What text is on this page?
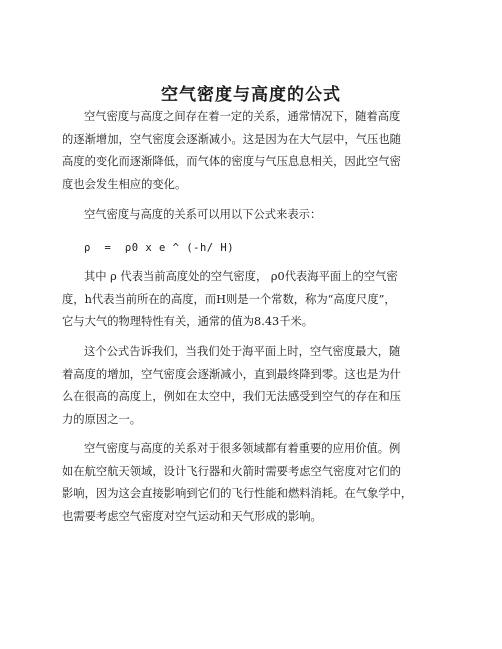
空气密度与高度的公式

空气密度与高度之间存在着一定的关系，通常情况下，随着高度
的逐渐增加，空气密度会逐渐减小。这是因为在大气层中，气压也随
高度的变化而逐渐降低，而气体的密度与气压息息相关，因此空气密
度也会发生相应的变化。

空气密度与高度的关系可以用以下公式来表示：

ρ  =  ρ0 x e ^ (-h/ H)

其中 ρ 代表当前高度处的空气密度， ρ0代表海平面上的空气密
度，h代表当前所在的高度，而H则是一个常数，称为“高度尺度”，
它与大气的物理特性有关，通常的值为8.43千米。

这个公式告诉我们，当我们处于海平面上时，空气密度最大，随
着高度的增加，空气密度会逐渐减小，直到最终降到零。这也是为什
么在很高的高度上，例如在太空中，我们无法感受到空气的存在和压
力的原因之一。

空气密度与高度的关系对于很多领域都有着重要的应用价值。例
如在航空航天领域，设计飞行器和火箭时需要考虑空气密度对它们的
影响，因为这会直接影响到它们的飞行性能和燃料消耗。在气象学中，
也需要考虑空气密度对空气运动和天气形成的影响。
